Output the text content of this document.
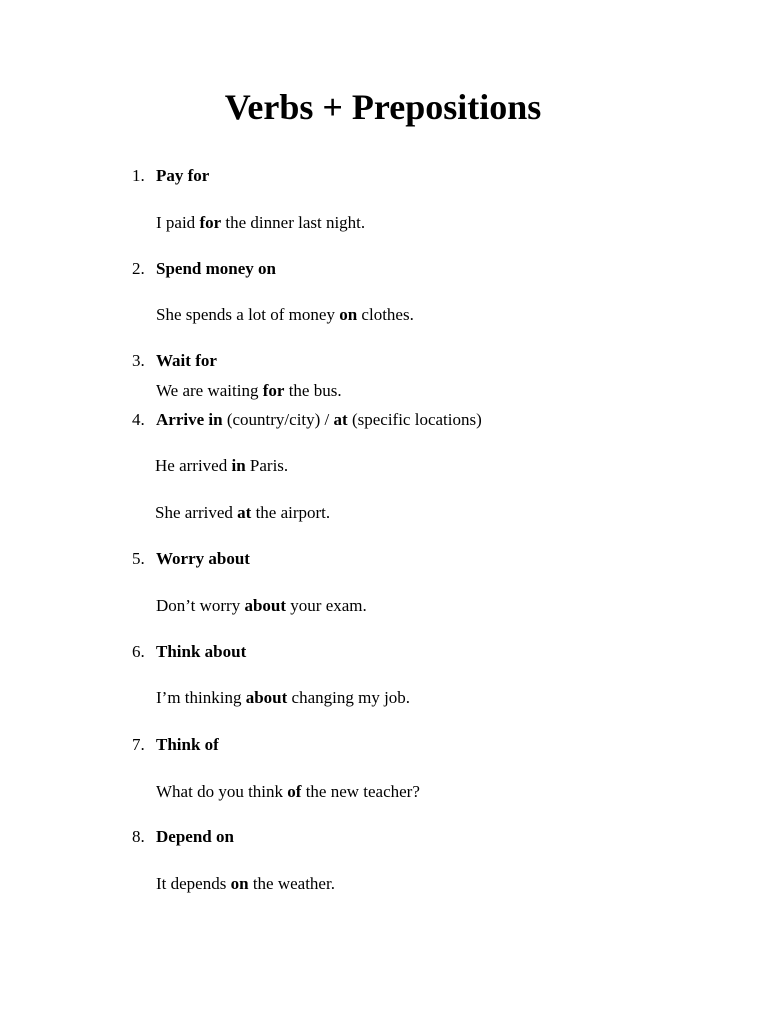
Verbs + Prepositions
1. Pay for
I paid for the dinner last night.
2. Spend money on
She spends a lot of money on clothes.
3. Wait for
We are waiting for the bus.
4. Arrive in (country/city) / at (specific locations)
He arrived in Paris.
She arrived at the airport.
5. Worry about
Don’t worry about your exam.
6. Think about
I’m thinking about changing my job.
7. Think of
What do you think of the new teacher?
8. Depend on
It depends on the weather.
